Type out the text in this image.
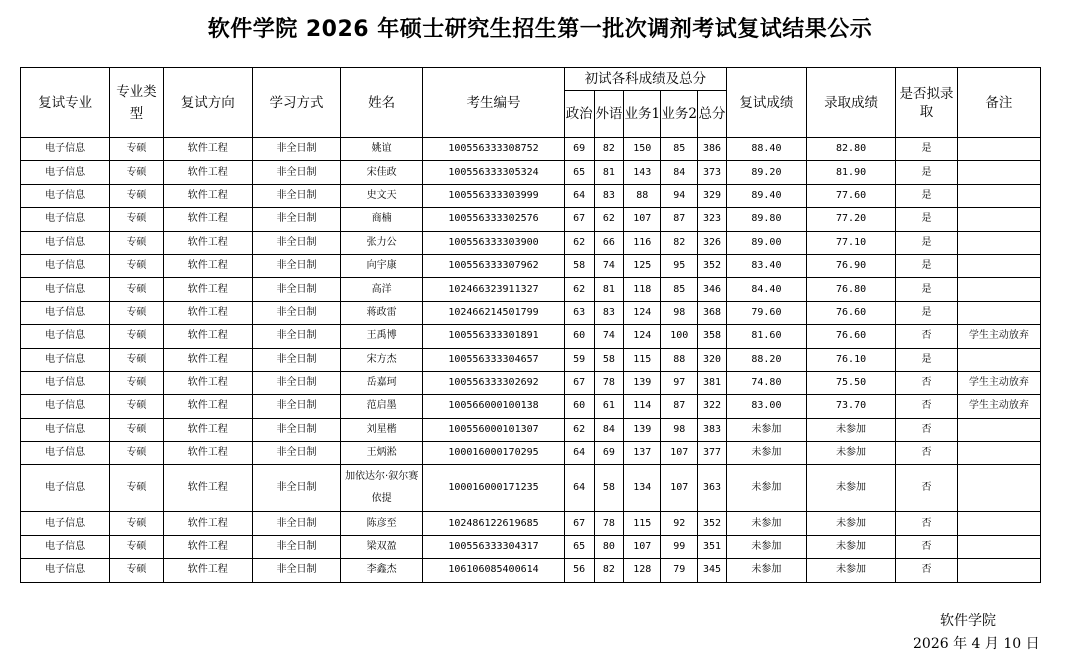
软件学院 2026 年硕士研究生招生第一批次调剂考试复试结果公示
复试专业	专业类型	复试方向	学习方式	姓名	考生编号	初试各科成绩及总分					复试成绩	录取成绩	是否拟录取	备注
						政治	外语	业务1	业务2	总分				
电子信息	专硕	软件工程	非全日制	姚谊	100556333308752	69	82	150	85	386	88.40	82.80	是	
电子信息	专硕	软件工程	非全日制	宋佳政	100556333305324	65	81	143	84	373	89.20	81.90	是	
电子信息	专硕	软件工程	非全日制	史文天	100556333303999	64	83	88	94	329	89.40	77.60	是	
电子信息	专硕	软件工程	非全日制	商楠	100556333302576	67	62	107	87	323	89.80	77.20	是	
电子信息	专硕	软件工程	非全日制	张力公	100556333303900	62	66	116	82	326	89.00	77.10	是	
电子信息	专硕	软件工程	非全日制	向宇康	100556333307962	58	74	125	95	352	83.40	76.90	是	
电子信息	专硕	软件工程	非全日制	高洋	102466323911327	62	81	118	85	346	84.40	76.80	是	
电子信息	专硕	软件工程	非全日制	蒋政雷	102466214501799	63	83	124	98	368	79.60	76.60	是	
电子信息	专硕	软件工程	非全日制	王禹博	100556333301891	60	74	124	100	358	81.60	76.60	否	学生主动放弃
电子信息	专硕	软件工程	非全日制	宋方杰	100556333304657	59	58	115	88	320	88.20	76.10	是	
电子信息	专硕	软件工程	非全日制	岳嘉珂	100556333302692	67	78	139	97	381	74.80	75.50	否	学生主动放弃
电子信息	专硕	软件工程	非全日制	范启墨	100566000100138	60	61	114	87	322	83.00	73.70	否	学生主动放弃
电子信息	专硕	软件工程	非全日制	刘星楷	100556000101307	62	84	139	98	383	未参加	未参加	否	
电子信息	专硕	软件工程	非全日制	王炳淞	100016000170295	64	69	137	107	377	未参加	未参加	否	
电子信息	专硕	软件工程	非全日制	加依达尔·叙尔赛依提	100016000171235	64	58	134	107	363	未参加	未参加	否	
电子信息	专硕	软件工程	非全日制	陈彦至	102486122619685	67	78	115	92	352	未参加	未参加	否	
电子信息	专硕	软件工程	非全日制	梁双盈	100556333304317	65	80	107	99	351	未参加	未参加	否	
电子信息	专硕	软件工程	非全日制	李鑫杰	106106085400614	56	82	128	79	345	未参加	未参加	否	
软件学院
2026 年 4 月 10 日
